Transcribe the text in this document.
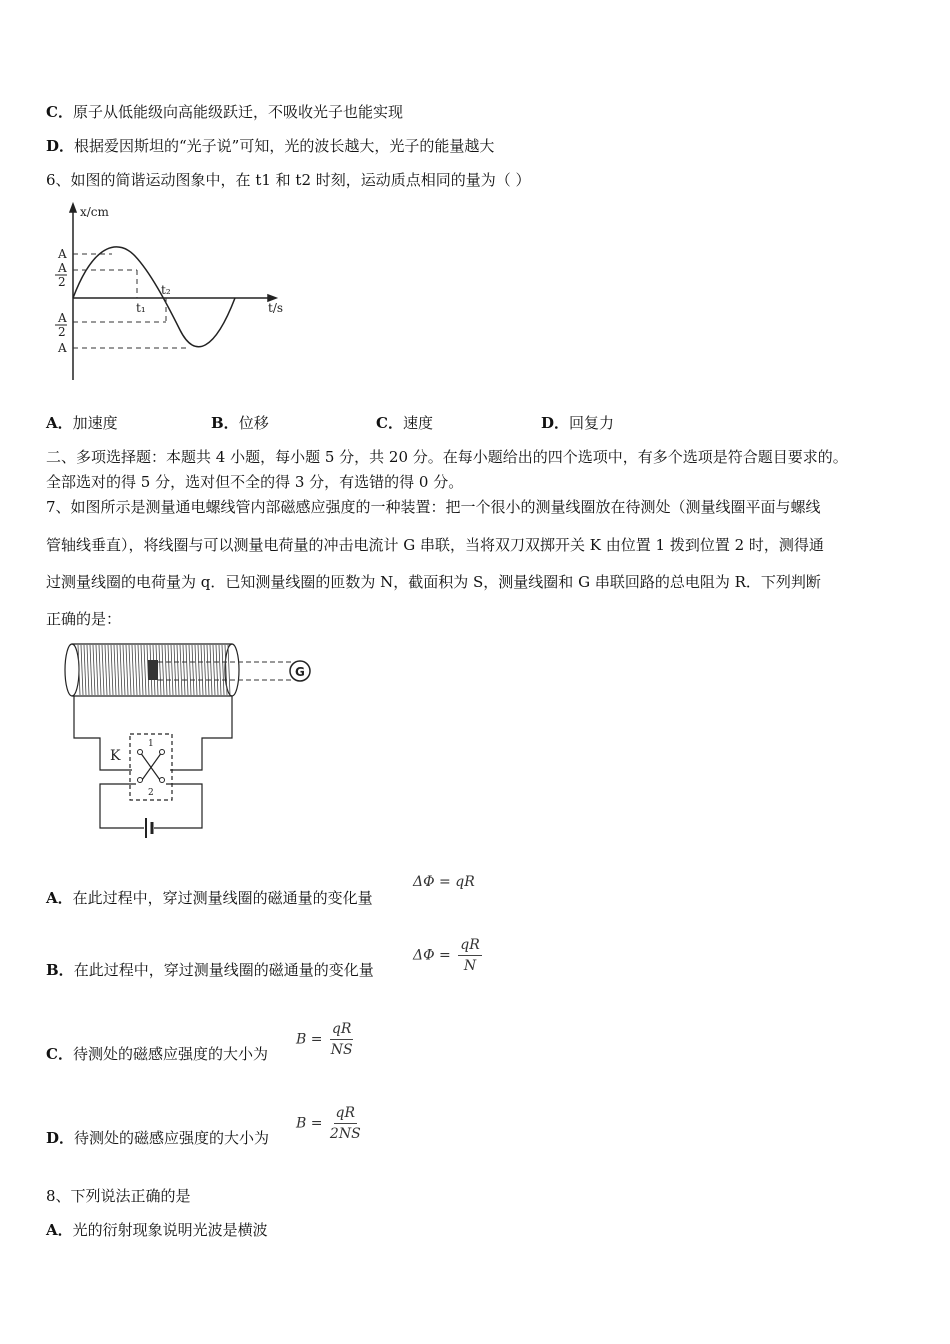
C．原子从低能级向高能级跃迁，不吸收光子也能实现
D．根据爱因斯坦的“光子说”可知，光的波长越大，光子的能量越大
6、如图的简谐运动图象中，在 t1 和 t2 时刻，运动质点相同的量为（ ）
x/cm
t/s
A
A
2
A
2
A
t₁
t₂
A．加速度	B．位移	C．速度	D．回复力
二、多项选择题：本题共 4 小题，每小题 5 分，共 20 分。在每小题给出的四个选项中，有多个选项是符合题目要求的。
全部选对的得 5 分，选对但不全的得 3 分，有选错的得 0 分。
7、如图所示是测量通电螺线管内部磁感应强度的一种装置：把一个很小的测量线圈放在待测处（测量线圈平面与螺线
管轴线垂直），将线圈与可以测量电荷量的冲击电流计 G 串联，当将双刀双掷开关 K 由位置 1 拨到位置 2 时，测得通
过测量线圈的电荷量为 q．已知测量线圈的匝数为 N，截面积为 S，测量线圈和 G 串联回路的总电阻为 R．下列判断
正确的是：
G
K
1
2
A．在此过程中，穿过测量线圈的磁通量的变化量
ΔΦ = qR
B．在此过程中，穿过测量线圈的磁通量的变化量
$\Delta\Phi = \frac{qR}{N}$
C．待测处的磁感应强度的大小为
$B = \frac{qR}{NS}$
D．待测处的磁感应强度的大小为
$B = \frac{qR}{2NS}$
8、下列说法正确的是
A．光的衍射现象说明光波是横波
